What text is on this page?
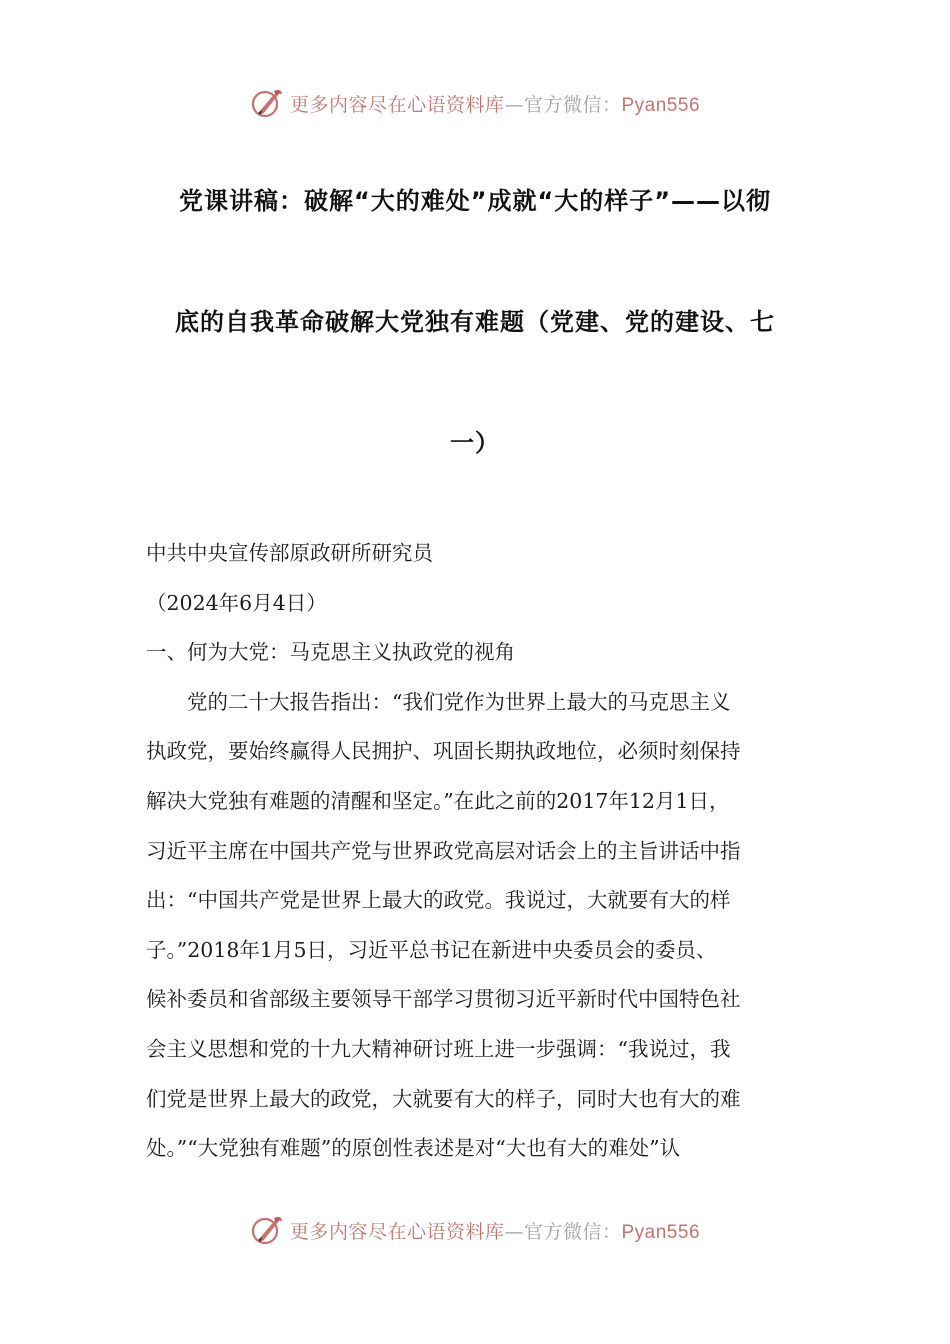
更多内容尽在心语资料库—官方微信：Pyan556
党课讲稿：破解“大的难处”成就“大的样子”——以彻
底的自我革命破解大党独有难题（党建、党的建设、七
一）
中共中央宣传部原政研所研究员
（2024年6月4日）
一、何为大党：马克思主义执政党的视角
党的二十大报告指出：“我们党作为世界上最大的马克思主义
执政党，要始终赢得人民拥护、巩固长期执政地位，必须时刻保持
解决大党独有难题的清醒和坚定。”在此之前的2017年12月1日，
习近平主席在中国共产党与世界政党高层对话会上的主旨讲话中指
出：“中国共产党是世界上最大的政党。我说过，大就要有大的样
子。”2018年1月5日，习近平总书记在新进中央委员会的委员、
候补委员和省部级主要领导干部学习贯彻习近平新时代中国特色社
会主义思想和党的十九大精神研讨班上进一步强调：“我说过，我
们党是世界上最大的政党，大就要有大的样子，同时大也有大的难
处。”“大党独有难题”的原创性表述是对“大也有大的难处”认
更多内容尽在心语资料库—官方微信：Pyan556
